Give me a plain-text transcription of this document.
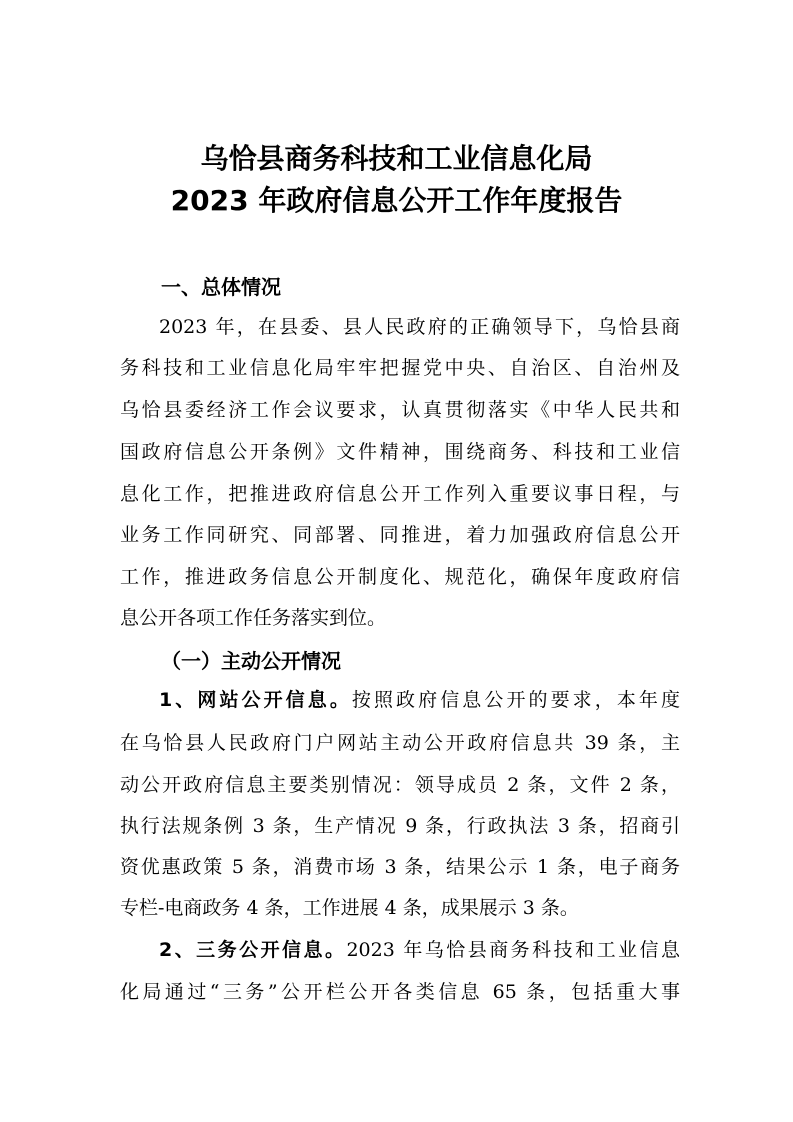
乌恰县商务科技和工业信息化局
2023 年政府信息公开工作年度报告
一、总体情况
2023 年，在县委、县人民政府的正确领导下，乌恰县商
务科技和工业信息化局牢牢把握党中央、自治区、自治州及
乌恰县委经济工作会议要求，认真贯彻落实《中华人民共和
国政府信息公开条例》文件精神，围绕商务、科技和工业信
息化工作，把推进政府信息公开工作列入重要议事日程，与
业务工作同研究、同部署、同推进，着力加强政府信息公开
工作，推进政务信息公开制度化、规范化，确保年度政府信
息公开各项工作任务落实到位。
（一）主动公开情况
1、网站公开信息。按照政府信息公开的要求，本年度
在乌恰县人民政府门户网站主动公开政府信息共 39 条，主
动公开政府信息主要类别情况：领导成员 2 条，文件 2 条，
执行法规条例 3 条，生产情况 9 条，行政执法 3 条，招商引
资优惠政策 5 条，消费市场 3 条，结果公示 1 条，电子商务
专栏-电商政务 4 条，工作进展 4 条，成果展示 3 条。
2、三务公开信息。2023 年乌恰县商务科技和工业信息
化局通过“三务”公开栏公开各类信息 65 条，包括重大事
